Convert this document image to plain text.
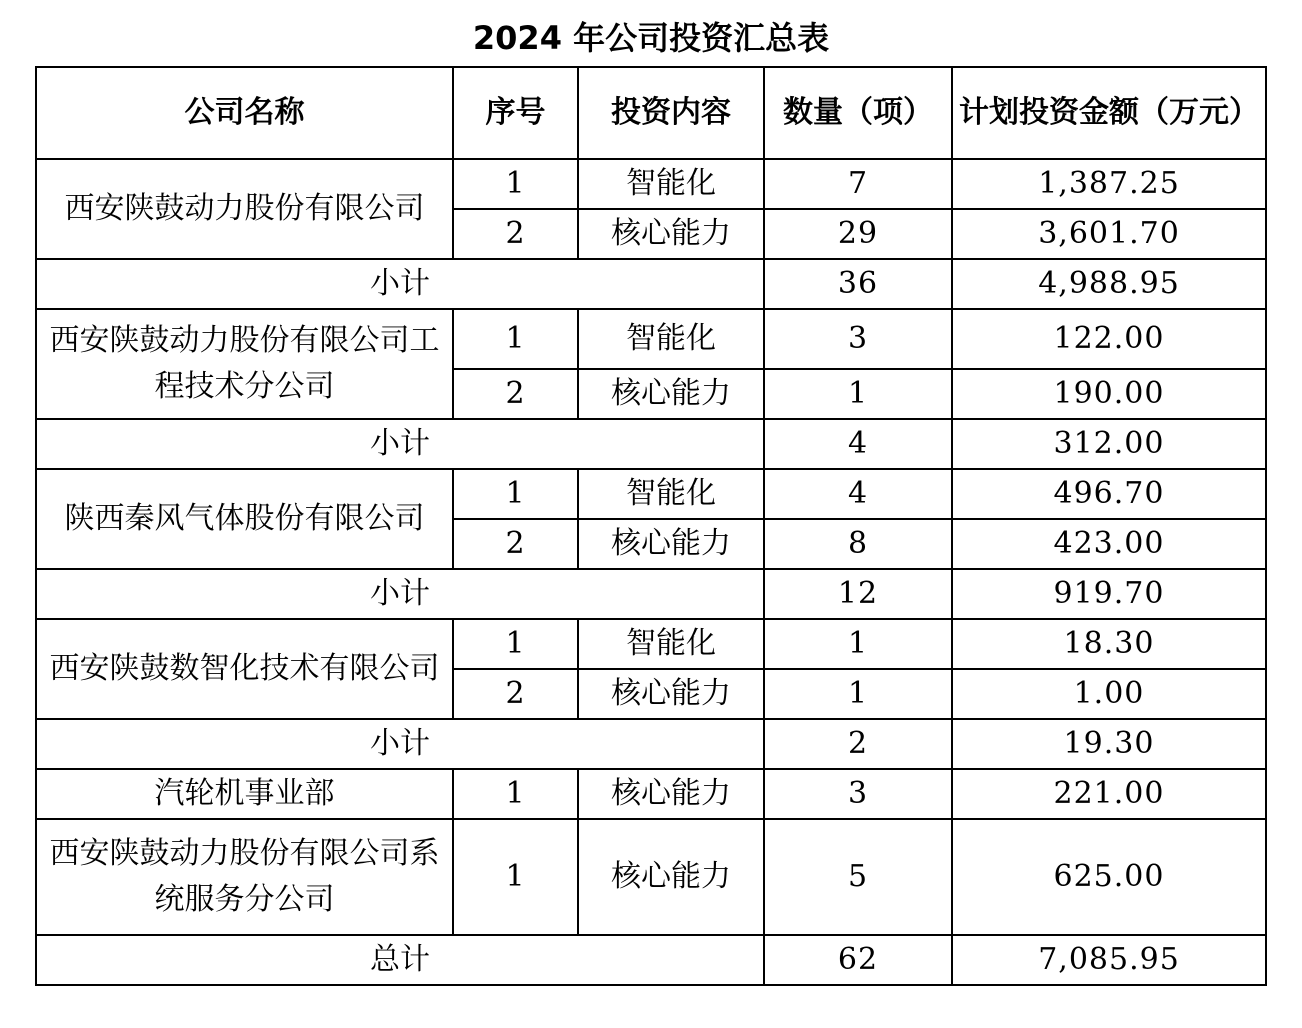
2024 年公司投资汇总表
公司名称	序号	投资内容	数量（项）	计划投资金额（万元）
西安陕鼓动力股份有限公司	1	智能化	7	1,387.25
	2	核心能力	29	3,601.70
小计			36	4,988.95
西安陕鼓动力股份有限公司工程技术分公司	1	智能化	3	122.00
	2	核心能力	1	190.00
小计			4	312.00
陕西秦风气体股份有限公司	1	智能化	4	496.70
	2	核心能力	8	423.00
小计			12	919.70
西安陕鼓数智化技术有限公司	1	智能化	1	18.30
	2	核心能力	1	1.00
小计			2	19.30
汽轮机事业部	1	核心能力	3	221.00
西安陕鼓动力股份有限公司系统服务分公司	1	核心能力	5	625.00
总计			62	7,085.95
